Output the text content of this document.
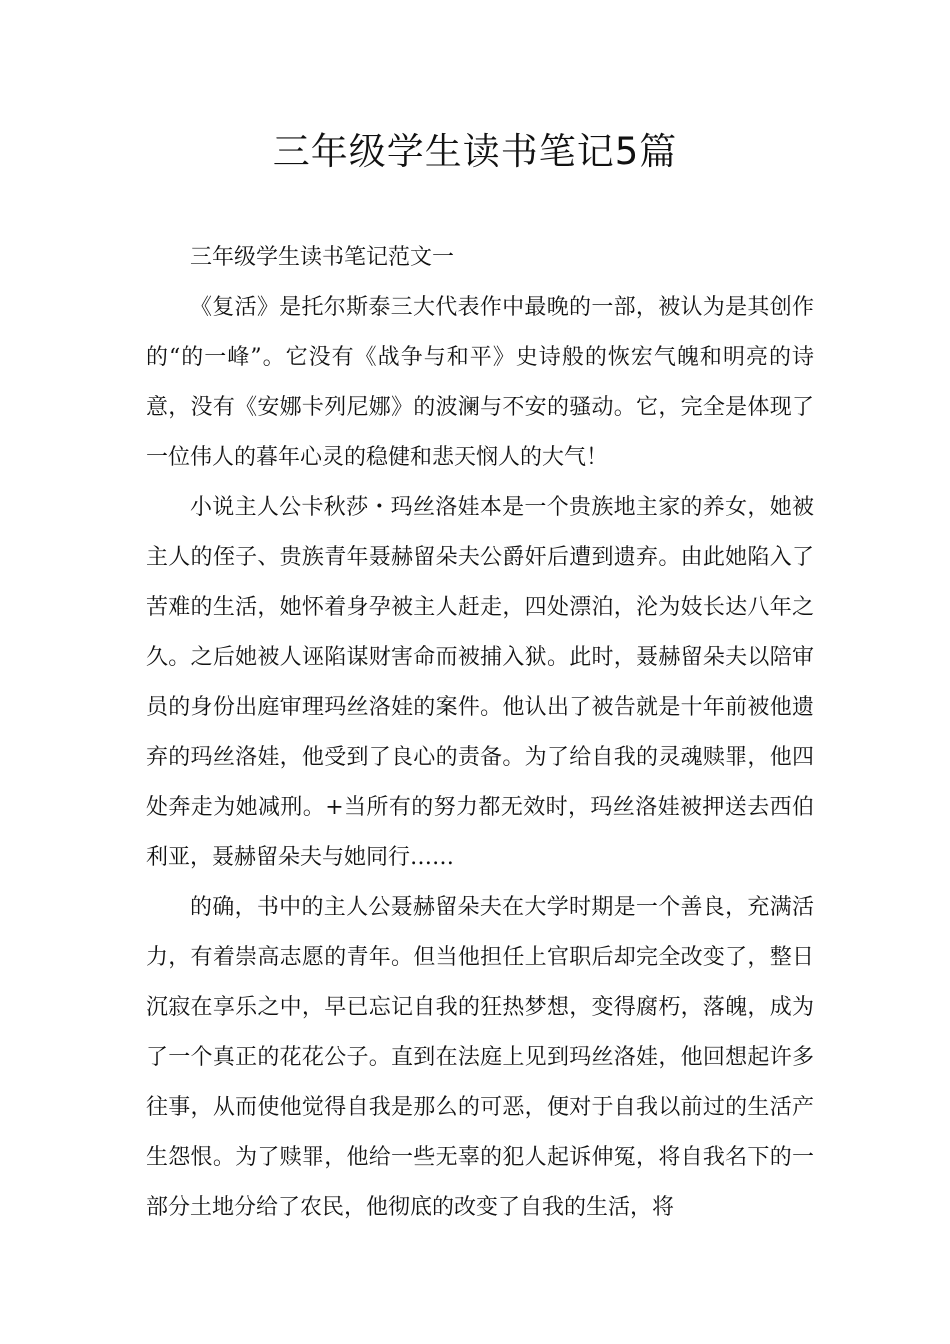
三年级学生读书笔记5篇

三年级学生读书笔记范文一

《复活》是托尔斯泰三大代表作中最晚的一部，被认为是其创作的“的一峰”。它没有《战争与和平》史诗般的恢宏气魄和明亮的诗意，没有《安娜卡列尼娜》的波澜与不安的骚动。它，完全是体现了一位伟人的暮年心灵的稳健和悲天悯人的大气！

小说主人公卡秋莎・玛丝洛娃本是一个贵族地主家的养女，她被主人的侄子、贵族青年聂赫留朵夫公爵奸后遭到遗弃。由此她陷入了苦难的生活，她怀着身孕被主人赶走，四处漂泊，沦为妓长达八年之久。之后她被人诬陷谋财害命而被捕入狱。此时，聂赫留朵夫以陪审员的身份出庭审理玛丝洛娃的案件。他认出了被告就是十年前被他遗弃的玛丝洛娃，他受到了良心的责备。为了给自我的灵魂赎罪，他四处奔走为她减刑。+当所有的努力都无效时，玛丝洛娃被押送去西伯利亚，聂赫留朵夫与她同行……

的确，书中的主人公聂赫留朵夫在大学时期是一个善良，充满活力，有着崇高志愿的青年。但当他担任上官职后却完全改变了，整日沉寂在享乐之中，早已忘记自我的狂热梦想，变得腐朽，落魄，成为了一个真正的花花公子。直到在法庭上见到玛丝洛娃，他回想起许多往事，从而使他觉得自我是那么的可恶，便对于自我以前过的生活产生怨恨。为了赎罪，他给一些无辜的犯人起诉伸冤，将自我名下的一部分土地分给了农民，他彻底的改变了自我的生活，将
